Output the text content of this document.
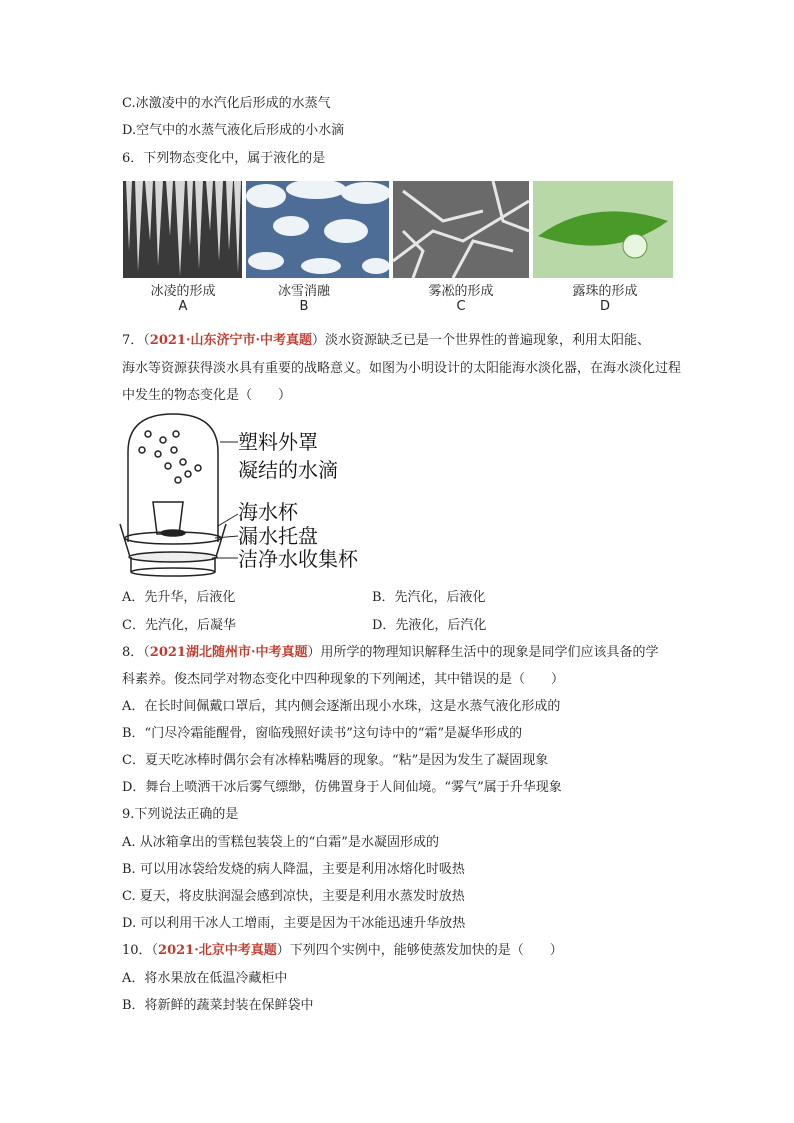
C.冰激凌中的水汽化后形成的水蒸气
D.空气中的水蒸气液化后形成的小水滴
6．下列物态变化中，属于液化的是
冰凌的形成
A
冰雪消融
B
雾凇的形成
C
露珠的形成
D
7．（2021·山东济宁市·中考真题）淡水资源缺乏已是一个世界性的普遍现象，利用太阳能、
海水等资源获得淡水具有重要的战略意义。如图为小明设计的太阳能海水淡化器，在海水淡化过程
中发生的物态变化是（　　）
塑料外罩
凝结的水滴
海水杯
漏水托盘
洁净水收集杯
A．先升华，后液化	B．先汽化，后液化
C．先汽化，后凝华	D．先液化，后汽化
8．（2021湖北随州市·中考真题）用所学的物理知识解释生活中的现象是同学们应该具备的学
科素养。俊杰同学对物态变化中四种现象的下列阐述，其中错误的是（　　）
A．在长时间佩戴口罩后，其内侧会逐渐出现小水珠，这是水蒸气液化形成的
B．“门尽冷霜能醒骨，窗临残照好读书”这句诗中的“霜”是凝华形成的
C．夏天吃冰棒时偶尔会有冰棒粘嘴唇的现象。“粘”是因为发生了凝固现象
D．舞台上喷洒干冰后雾气缥缈，仿佛置身于人间仙境。“雾气”属于升华现象
9.下列说法正确的是
A. 从冰箱拿出的雪糕包装袋上的“白霜”是水凝固形成的
B. 可以用冰袋给发烧的病人降温，主要是利用冰熔化时吸热
C. 夏天，将皮肤润湿会感到凉快，主要是利用水蒸发时放热
D. 可以利用干冰人工增雨，主要是因为干冰能迅速升华放热
10．（2021·北京中考真题）下列四个实例中，能够使蒸发加快的是（　　）
A．将水果放在低温冷藏柜中
B．将新鲜的蔬菜封装在保鲜袋中
